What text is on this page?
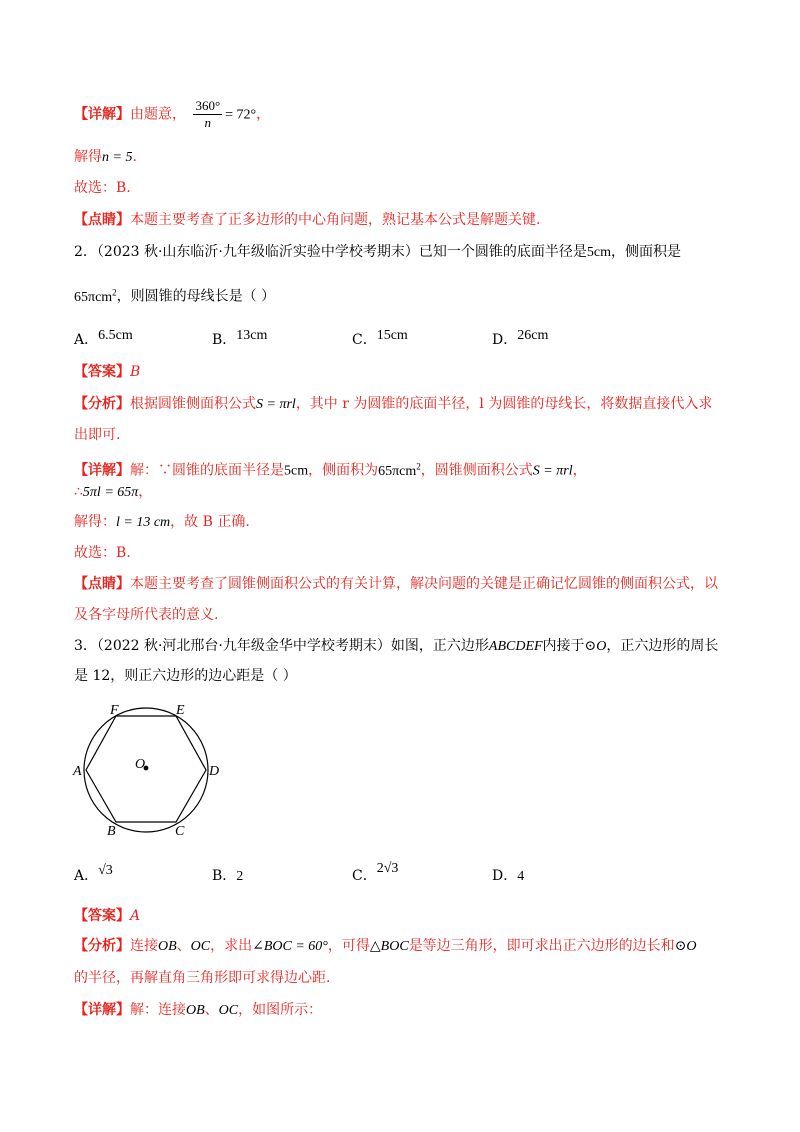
【详解】由题意， $\frac{360^\circ}{n} = 72^\circ$，
解得n = 5.
故选：B.
【点睛】本题主要考查了正多边形的中心角问题，熟记基本公式是解题关键.
2．（2023 秋·山东临沂·九年级临沂实验中学校考期末）已知一个圆锥的底面半径是5cm，侧面积是
65πcm$^2$，则圆锥的母线长是（ ）
A．6.5cm	B．13cm	C．15cm	D．26cm
【答案】B
【分析】根据圆锥侧面积公式S = πrl，其中 r 为圆锥的底面半径，l 为圆锥的母线长，将数据直接代入求
出即可.
【详解】解：∵圆锥的底面半径是5cm，侧面积为65πcm$^2$，圆锥侧面积公式S = πrl，
∴5πl = 65π，
解得：l = 13 cm，故 B 正确.
故选：B.
【点睛】本题主要考查了圆锥侧面积公式的有关计算，解决问题的关键是正确记忆圆锥的侧面积公式，以
及各字母所代表的意义.
3．（2022 秋·河北邢台·九年级金华中学校考期末）如图，正六边形ABCDEF内接于⊙O，正六边形的周长
是 12，则正六边形的边心距是（ ）
F	E
A	D
O
B	C
A．√3	B．2	C．2√3	D．4
【答案】A
【分析】连接OB、OC，求出∠BOC = 60°，可得△BOC是等边三角形，即可求出正六边形的边长和⊙O
的半径，再解直角三角形即可求得边心距.
【详解】解：连接OB、OC，如图所示：
